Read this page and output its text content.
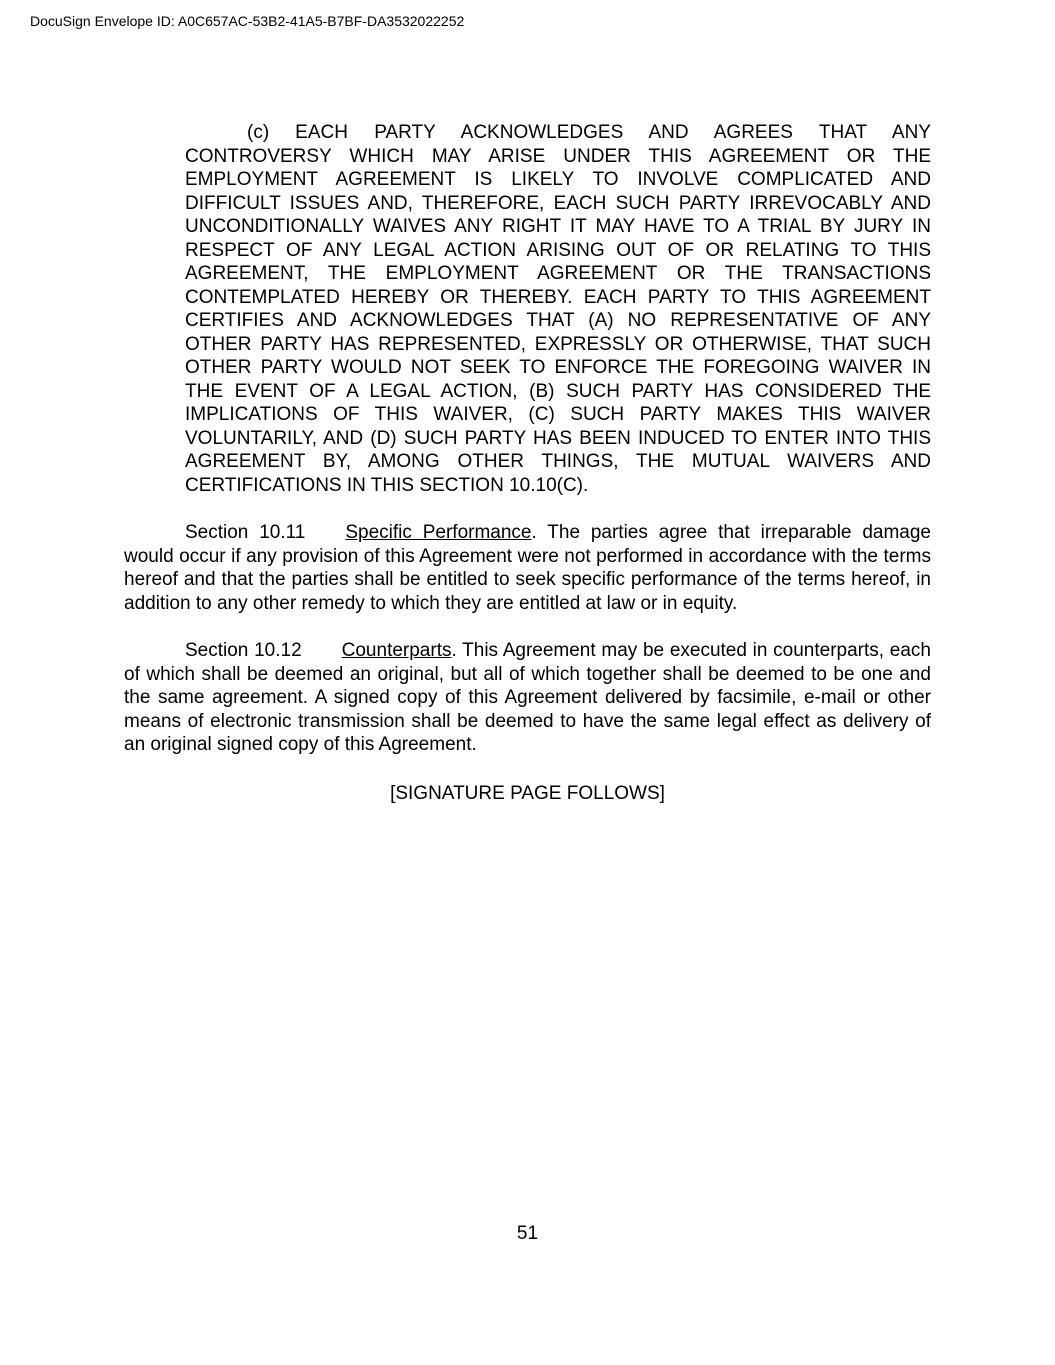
DocuSign Envelope ID: A0C657AC-53B2-41A5-B7BF-DA3532022252

(c) EACH PARTY ACKNOWLEDGES AND AGREES THAT ANY CONTROVERSY WHICH MAY ARISE UNDER THIS AGREEMENT OR THE EMPLOYMENT AGREEMENT IS LIKELY TO INVOLVE COMPLICATED AND DIFFICULT ISSUES AND, THEREFORE, EACH SUCH PARTY IRREVOCABLY AND UNCONDITIONALLY WAIVES ANY RIGHT IT MAY HAVE TO A TRIAL BY JURY IN RESPECT OF ANY LEGAL ACTION ARISING OUT OF OR RELATING TO THIS AGREEMENT, THE EMPLOYMENT AGREEMENT OR THE TRANSACTIONS CONTEMPLATED HEREBY OR THEREBY. EACH PARTY TO THIS AGREEMENT CERTIFIES AND ACKNOWLEDGES THAT (A) NO REPRESENTATIVE OF ANY OTHER PARTY HAS REPRESENTED, EXPRESSLY OR OTHERWISE, THAT SUCH OTHER PARTY WOULD NOT SEEK TO ENFORCE THE FOREGOING WAIVER IN THE EVENT OF A LEGAL ACTION, (B) SUCH PARTY HAS CONSIDERED THE IMPLICATIONS OF THIS WAIVER, (C) SUCH PARTY MAKES THIS WAIVER VOLUNTARILY, AND (D) SUCH PARTY HAS BEEN INDUCED TO ENTER INTO THIS AGREEMENT BY, AMONG OTHER THINGS, THE MUTUAL WAIVERS AND CERTIFICATIONS IN THIS SECTION 10.10(C).

Section 10.11 Specific Performance. The parties agree that irreparable damage would occur if any provision of this Agreement were not performed in accordance with the terms hereof and that the parties shall be entitled to seek specific performance of the terms hereof, in addition to any other remedy to which they are entitled at law or in equity.

Section 10.12 Counterparts. This Agreement may be executed in counterparts, each of which shall be deemed an original, but all of which together shall be deemed to be one and the same agreement. A signed copy of this Agreement delivered by facsimile, e-mail or other means of electronic transmission shall be deemed to have the same legal effect as delivery of an original signed copy of this Agreement.

[SIGNATURE PAGE FOLLOWS]

51
